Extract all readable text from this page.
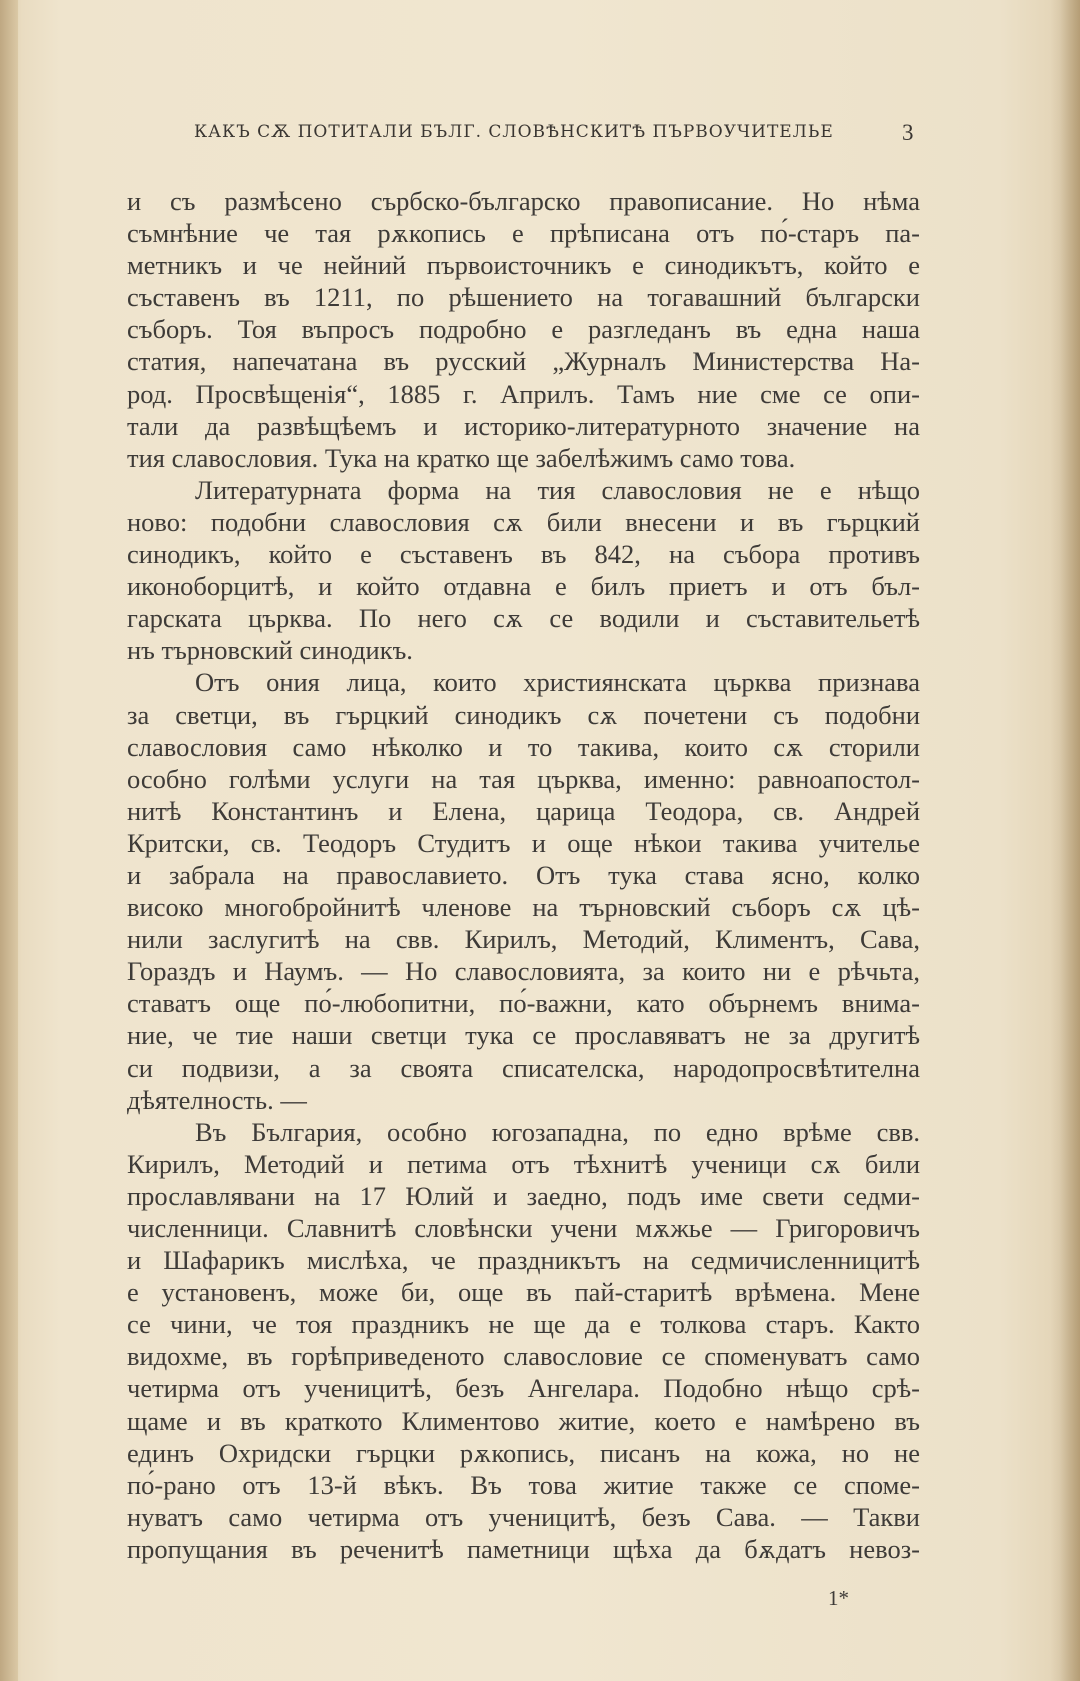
КАКЪ СѪ ПОТИТАЛИ БЪЛГ. СЛОВѢНСКИТѢ ПЪРВОУЧИТЕЛЬЕ	3

и съ размѣсено сърбско-българско правописание. Но нѣма
съмнѣние че тая рѫкопись е прѣписана отъ по́-старъ па-
метникъ и че нейний първоисточникъ е синодикътъ, който е
съставенъ въ 1211, по рѣшението на тогавашний български
съборъ. Тоя въпросъ подробно е разгледанъ въ една наша
статия, напечатана въ русский „Журналъ Министерства На-
род. Просвѣщенія“, 1885 г. Априлъ. Тамъ ние сме се опи-
тали да развѣщѣемъ и историко-литературното значение на
тия славословия. Тука на кратко ще забелѣжимъ само това.

Литературната форма на тия славословия не е нѣщо
ново: подобни славословия сѫ били внесени и въ гърцкий
синодикъ, който е съставенъ въ 842, на събора противъ
иконоборцитѣ, и който отдавна е билъ приетъ и отъ бъл-
гарската църква. По него сѫ се водили и съставительетѣ
нъ търновский синодикъ.

Отъ ония лица, които християнската църква признава
за светци, въ гърцкий синодикъ сѫ почетени съ подобни
славословия само нѣколко и то такива, които сѫ сторили
особно голѣми услуги на тая църква, именно: равноапостол-
нитѣ Константинъ и Елена, царица Теодора, св. Андрей
Критски, св. Теодоръ Студитъ и още нѣкои такива учительe
и забрала на православието. Отъ тука става ясно, колко
високо многобройнитѣ членове на търновский съборъ сѫ цѣ-
нили заслугитѣ на свв. Кирилъ, Методий, Климентъ, Сава,
Гораздъ и Наумъ. — Но славословията, за които ни е рѣчьта,
ставатъ още по́-любопитни, по́-важни, като обърнемъ внима-
ние, че тие наши светци тука се прославяватъ не за другитѣ
си подвизи, а за своята списателска, народопросвѣтителна
дѣятелность. —

Въ България, особно югозападна, по едно врѣме свв.
Кирилъ, Методий и петима отъ тѣхнитѣ ученици сѫ били
прославлявани на 17 Юлий и заедно, подъ име свети седми-
численници. Славнитѣ словѣнски учени мѫжье — Григоровичъ
и Шафарикъ мислѣха, че праздникътъ на седмичисленницитѣ
е установенъ, може би, още въ пай-старитѣ врѣмена. Мене
се чини, че тоя праздникъ не ще да е толкова старъ. Както
видохме, въ горѣприведеното славословие се споменуватъ само
четирма отъ ученицитѣ, безъ Ангелара. Подобно нѣщо срѣ-
щаме и въ краткото Климентово житие, което е намѣрено въ
единъ Охридски гърцки рѫкопись, писанъ на кожа, но не
по́-рано отъ 13-й вѣкъ. Въ това житие также се споме-
нуватъ само четирма отъ ученицитѣ, безъ Сава. — Такви
пропущания въ реченитѣ паметници щѣха да бѫдатъ невоз-

1*
